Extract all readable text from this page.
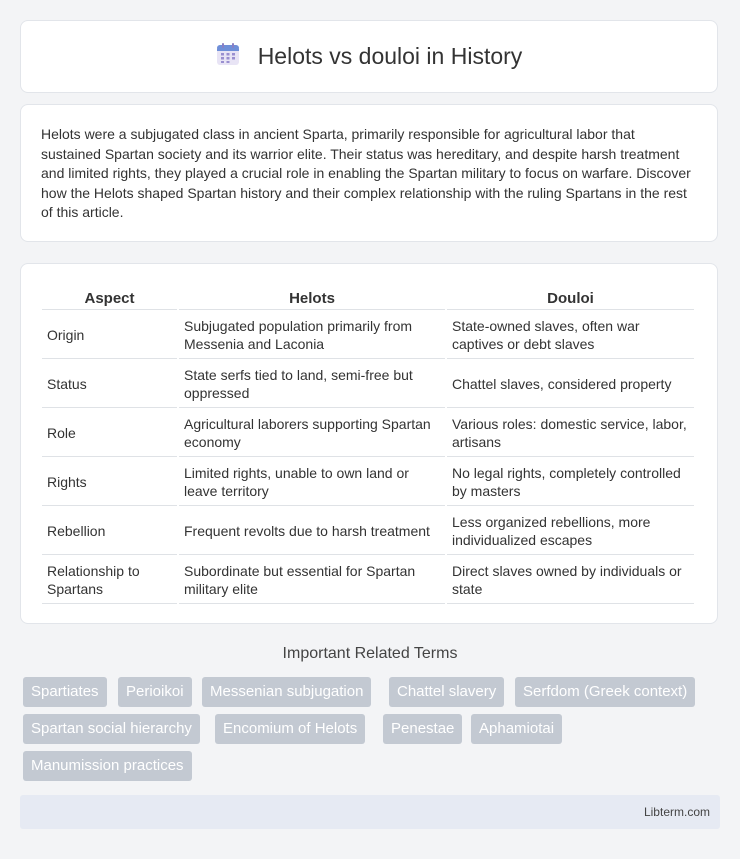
Helots vs douloi in History

Helots were a subjugated class in ancient Sparta, primarily responsible for agricultural labor that sustained Spartan society and its warrior elite. Their status was hereditary, and despite harsh treatment and limited rights, they played a crucial role in enabling the Spartan military to focus on warfare. Discover how the Helots shaped Spartan history and their complex relationship with the ruling Spartans in the rest of this article.

Aspect	Helots	Douloi
Origin	Subjugated population primarily from Messenia and Laconia	State-owned slaves, often war captives or debt slaves
Status	State serfs tied to land, semi-free but oppressed	Chattel slaves, considered property
Role	Agricultural laborers supporting Spartan economy	Various roles: domestic service, labor, artisans
Rights	Limited rights, unable to own land or leave territory	No legal rights, completely controlled by masters
Rebellion	Frequent revolts due to harsh treatment	Less organized rebellions, more individualized escapes
Relationship to Spartans	Subordinate but essential for Spartan military elite	Direct slaves owned by individuals or state
Important Related Terms
Spartiates	Perioikoi	Messenian subjugation	Chattel slavery	Serfdom (Greek context)
Spartan social hierarchy	Encomium of Helots	Penestae	Aphamiotai
Manumission practices
Libterm.com
